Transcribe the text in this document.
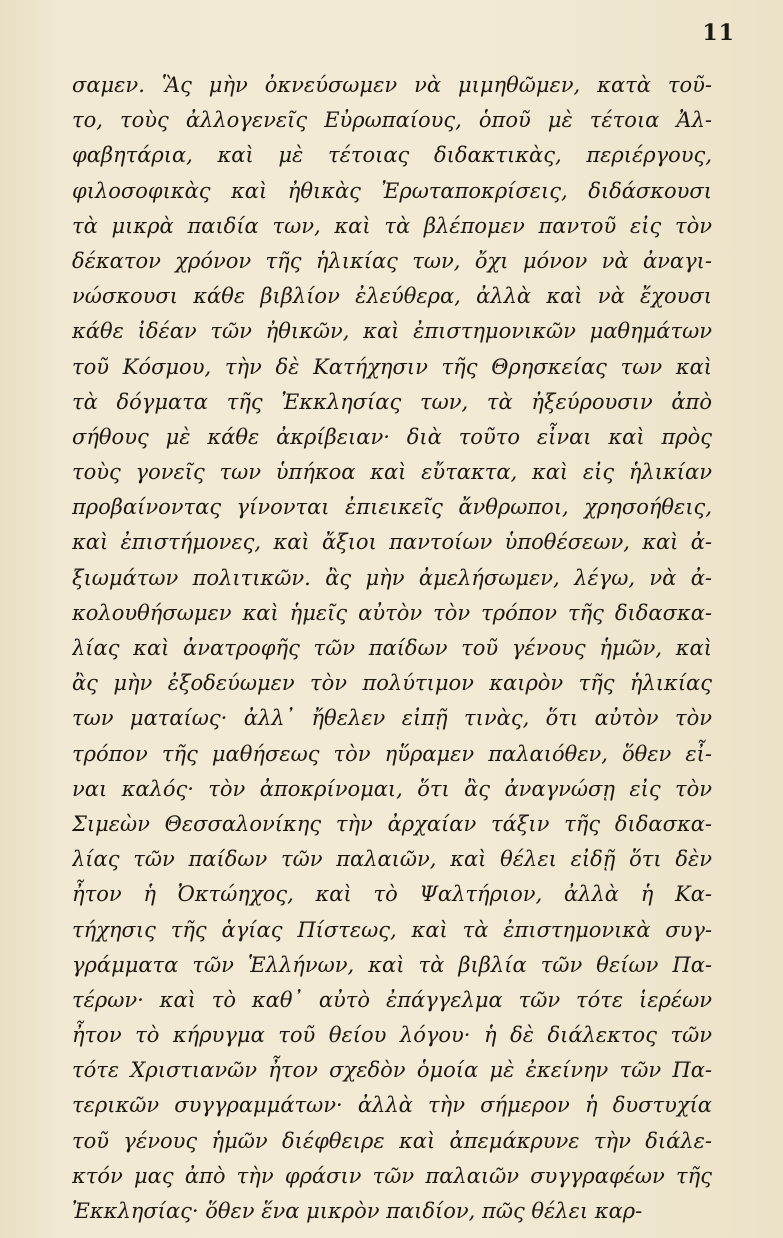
11
σαμεν. Ἃς μὴν ὀκνεύσωμεν νὰ μιμηθῶμεν, κατὰ τοῦ-
το, τοὺς ἀλλογενεῖς Εὐρωπαίους, ὁποῦ μὲ τέτοια Ἀλ-
φαβητάρια, καὶ μὲ τέτοιας διδακτικὰς, περιέργους,
φιλοσοφικὰς καὶ ἠθικὰς Ἐρωταποκρίσεις, διδάσκουσι
τὰ μικρὰ παιδία των, καὶ τὰ βλέπομεν παντοῦ εἰς τὸν
δέκατον χρόνον τῆς ἡλικίας των, ὄχι μόνον νὰ ἀναγι-
νώσκουσι κάθε βιβλίον ἐλεύθερα, ἀλλὰ καὶ νὰ ἔχουσι
κάθε ἰδέαν τῶν ἠθικῶν, καὶ ἐπιστημονικῶν μαθημάτων
τοῦ Κόσμου, τὴν δὲ Κατήχησιν τῆς Θρησκείας των καὶ
τὰ δόγματα τῆς Ἐκκλησίας των, τὰ ἠξεύρουσιν ἀπὸ
σήθους μὲ κάθε ἀκρίβειαν· διὰ τοῦτο εἶναι καὶ πρὸς
τοὺς γονεῖς των ὑπήκοα καὶ εὔτακτα, καὶ εἰς ἡλικίαν
προβαίνοντας γίνονται ἐπιεικεῖς ἄνθρωποι, χρησοήθεις,
καὶ ἐπιστήμονες, καὶ ἄξιοι παντοίων ὑποθέσεων, καὶ ἀ-
ξιωμάτων πολιτικῶν. ἂς μὴν ἀμελήσωμεν, λέγω, νὰ ἀ-
κολουθήσωμεν καὶ ἡμεῖς αὐτὸν τὸν τρόπον τῆς διδασκα-
λίας καὶ ἀνατροφῆς τῶν παίδων τοῦ γένους ἡμῶν, καὶ
ἂς μὴν ἐξοδεύωμεν τὸν πολύτιμον καιρὸν τῆς ἡλικίας
των ματαίως· ἀλλ᾽ ἤθελεν εἰπῇ τινὰς, ὅτι αὐτὸν τὸν
τρόπον τῆς μαθήσεως τὸν ηὕραμεν παλαιόθεν, ὅθεν εἶ-
ναι καλός· τὸν ἀποκρίνομαι, ὅτι ἂς ἀναγνώσῃ εἰς τὸν
Σιμεὼν Θεσσαλονίκης τὴν ἀρχαίαν τάξιν τῆς διδασκα-
λίας τῶν παίδων τῶν παλαιῶν, καὶ θέλει εἰδῇ ὅτι δὲν
ἦτον ἡ Ὀκτώηχος, καὶ τὸ Ψαλτήριον, ἀλλὰ ἡ Κα-
τήχησις τῆς ἁγίας Πίστεως, καὶ τὰ ἐπιστημονικὰ συγ-
γράμματα τῶν Ἑλλήνων, καὶ τὰ βιβλία τῶν θείων Πα-
τέρων· καὶ τὸ καθ᾽ αὐτὸ ἐπάγγελμα τῶν τότε ἱερέων
ἦτον τὸ κήρυγμα τοῦ θείου λόγου· ἡ δὲ διάλεκτος τῶν
τότε Χριστιανῶν ἦτον σχεδὸν ὁμοία μὲ ἐκείνην τῶν Πα-
τερικῶν συγγραμμάτων· ἀλλὰ τὴν σήμερον ἡ δυστυχία
τοῦ γένους ἡμῶν διέφθειρε καὶ ἀπεμάκρυνε τὴν διάλε-
κτόν μας ἀπὸ τὴν φράσιν τῶν παλαιῶν συγγραφέων τῆς
Ἐκκλησίας· ὅθεν ἕνα μικρὸν παιδίον, πῶς θέλει καρ-
